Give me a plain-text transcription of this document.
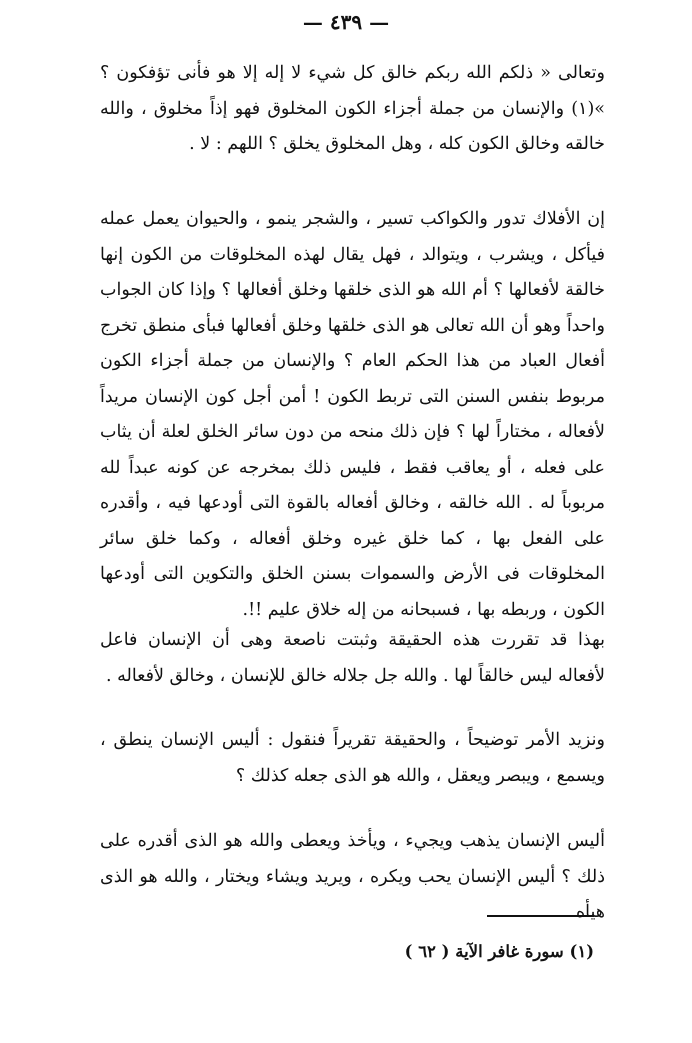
— ٤٣٩ —

وتعالى « ذلكم الله ربكم خالق كل شيء لا إله إلا هو فأنى تؤفكون ؟ »(١) والإنسان من جملة أجزاء الكون المخلوق فهو إذاً مخلوق ، والله خالقه وخالق الكون كله ، وهل المخلوق يخلق ؟ اللهم : لا .

إن الأفلاك تدور والكواكب تسير ، والشجر ينمو ، والحيوان يعمل عمله فيأكل ، ويشرب ، ويتوالد ، فهل يقال لهذه المخلوقات من الكون إنها خالقة لأفعالها ؟ أم الله هو الذى خلقها وخلق أفعالها ؟ وإذا كان الجواب واحداً وهو أن الله تعالى هو الذى خلقها وخلق أفعالها فبأى منطق تخرج أفعال العباد من هذا الحكم العام ؟ والإنسان من جملة أجزاء الكون مربوط بنفس السنن التى تربط الكون ! أمن أجل كون الإنسان مريداً لأفعاله ، مختاراً لها ؟ فإن ذلك منحه من دون سائر الخلق لعلة أن يثاب على فعله ، أو يعاقب فقط ، فليس ذلك بمخرجه عن كونه عبداً لله مربوباً له . الله خالقه ، وخالق أفعاله بالقوة التى أودعها فيه ، وأقدره على الفعل بها ، كما خلق غيره وخلق أفعاله ، وكما خلق سائر المخلوقات فى الأرض والسموات بسنن الخلق والتكوين التى أودعها الكون ، وربطه بها ، فسبحانه من إله خلاق عليم !!.

بهذا قد تقررت هذه الحقيقة وثبتت ناصعة وهى أن الإنسان فاعل لأفعاله ليس خالقاً لها . والله جل جلاله خالق للإنسان ، وخالق لأفعاله .

ونزيد الأمر توضيحاً ، والحقيقة تقريراً فنقول : أليس الإنسان ينطق ، ويسمع ، ويبصر ويعقل ، والله هو الذى جعله كذلك ؟

أليس الإنسان يذهب ويجيء ، ويأخذ ويعطى والله هو الذى أقدره على ذلك ؟ أليس الإنسان يحب ويكره ، ويريد ويشاء ويختار ، والله هو الذى هيأه

(١) سورة غافر الآية ( ٦٢ )
